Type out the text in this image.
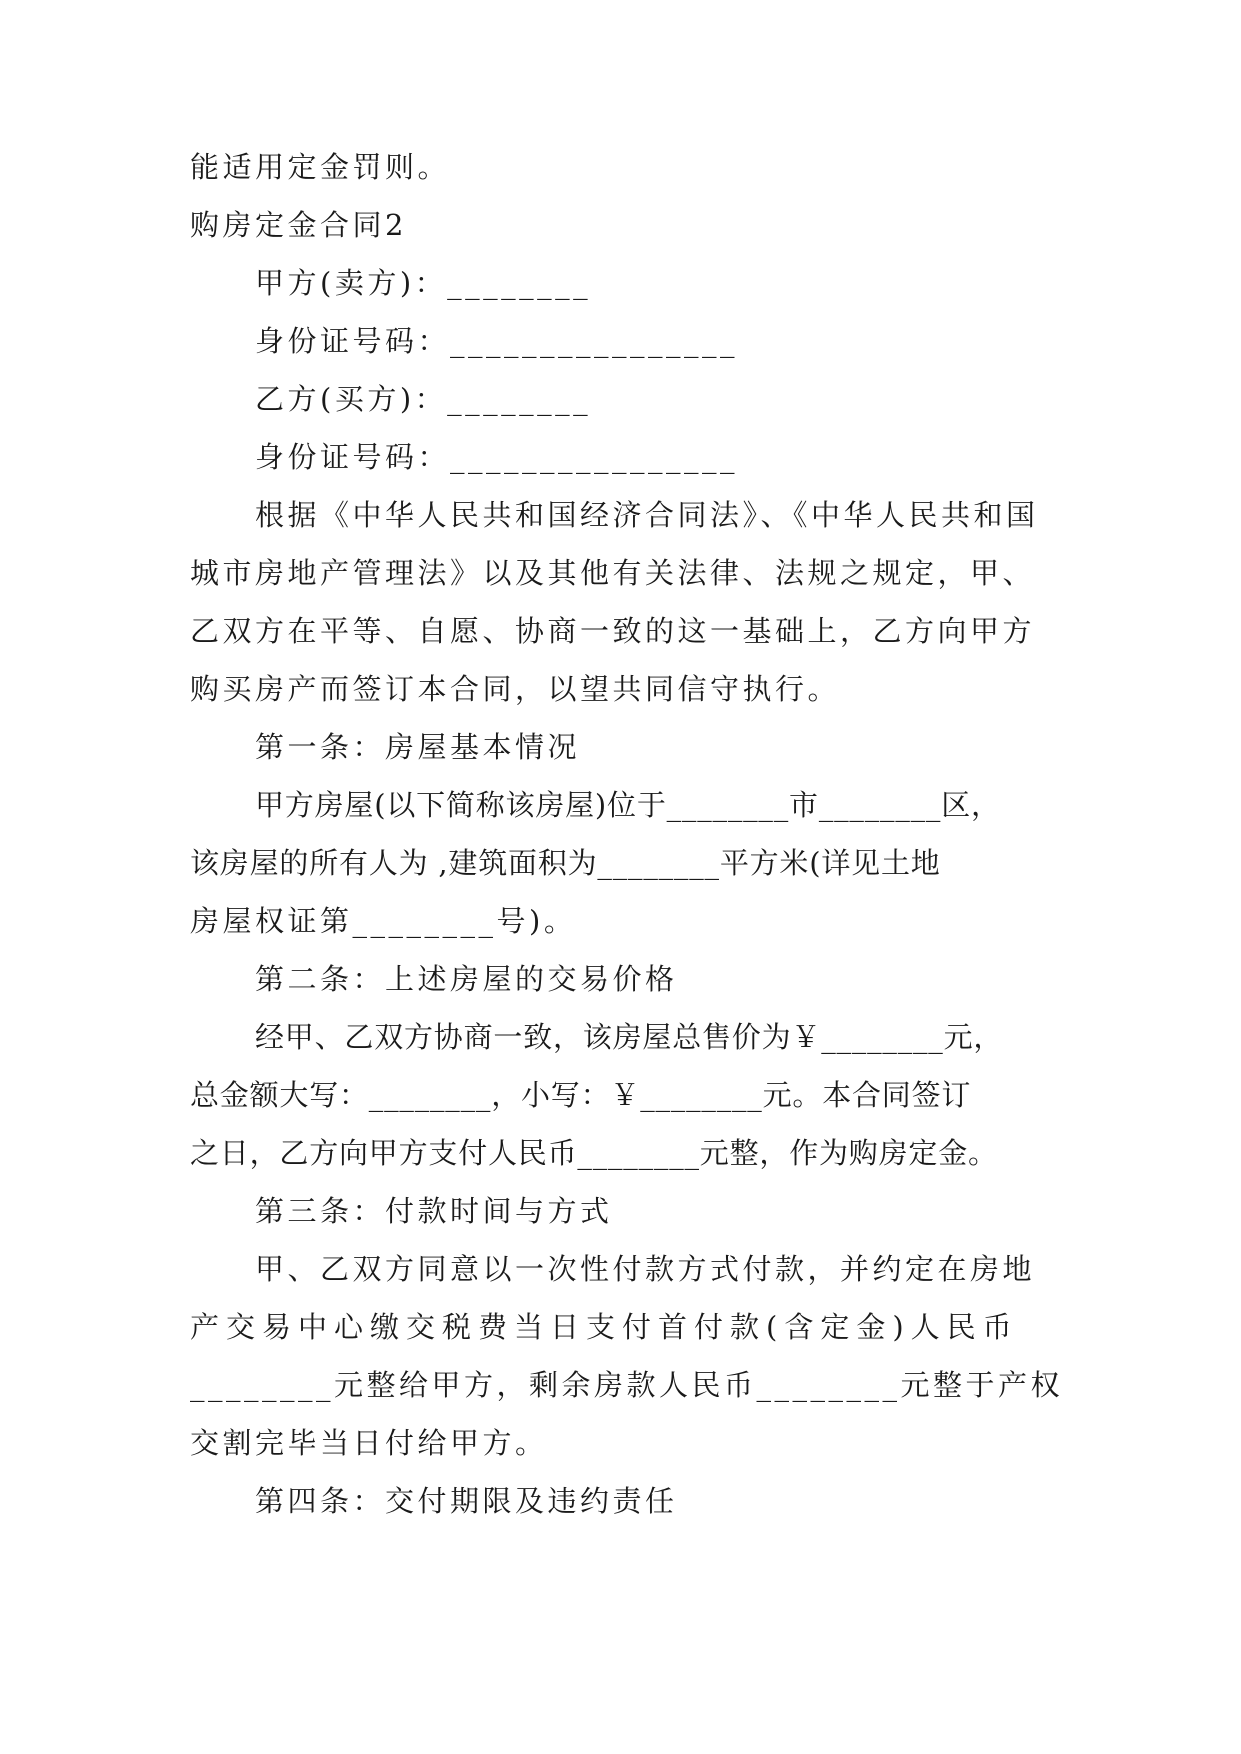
能适用定金罚则。
购房定金合同2
甲方(卖方)：________
身份证号码：________________
乙方(买方)：________
身份证号码：________________
根据《中华人民共和国经济合同法》、《中华人民共和国
城市房地产管理法》以及其他有关法律、法规之规定，甲、
乙双方在平等、自愿、协商一致的这一基础上，乙方向甲方
购买房产而签订本合同，以望共同信守执行。
第一条：房屋基本情况
甲方房屋(以下简称该房屋)位于________市________区，
该房屋的所有人为 ,建筑面积为________平方米(详见土地
房屋权证第________号)。
第二条：上述房屋的交易价格
经甲、乙双方协商一致，该房屋总售价为￥________元，
总金额大写：________，小写：￥________元。本合同签订
之日，乙方向甲方支付人民币________元整，作为购房定金。
第三条：付款时间与方式
甲、乙双方同意以一次性付款方式付款，并约定在房地
产交易中心缴交税费当日支付首付款(含定金)人民币
________元整给甲方，剩余房款人民币________元整于产权
交割完毕当日付给甲方。
第四条：交付期限及违约责任
